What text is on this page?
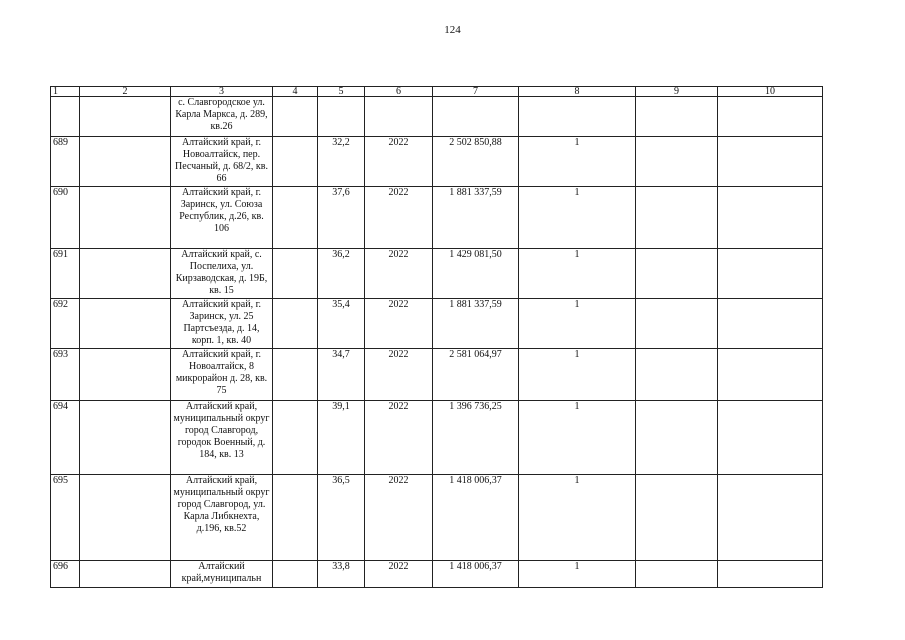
124
1	2	3	4	5	6	7	8	9	10
		с. Славгородское ул. Карла Маркса, д. 289, кв.26							
689		Алтайский край, г. Новоалтайск, пер. Песчаный, д. 68/2, кв. 66		32,2	2022	2 502 850,88	1		
690		Алтайский край, г. Заринск, ул. Союза Республик, д.26, кв. 106		37,6	2022	1 881 337,59	1		
691		Алтайский край, с. Поспелиха, ул. Кирзаводская, д. 19Б, кв. 15		36,2	2022	1 429 081,50	1		
692		Алтайский край, г. Заринск, ул. 25 Партсъезда, д. 14, корп. 1, кв. 40		35,4	2022	1 881 337,59	1		
693		Алтайский край, г. Новоалтайск, 8 микрорайон д. 28, кв. 75		34,7	2022	2 581 064,97	1		
694		Алтайский край, муниципальный округ город Славгород, городок Военный, д. 184, кв. 13		39,1	2022	1 396 736,25	1		
695		Алтайский край, муниципальный округ город Славгород, ул. Карла Либкнехта, д.196, кв.52		36,5	2022	1 418 006,37	1		
696		Алтайский край,муниципальн		33,8	2022	1 418 006,37	1		
